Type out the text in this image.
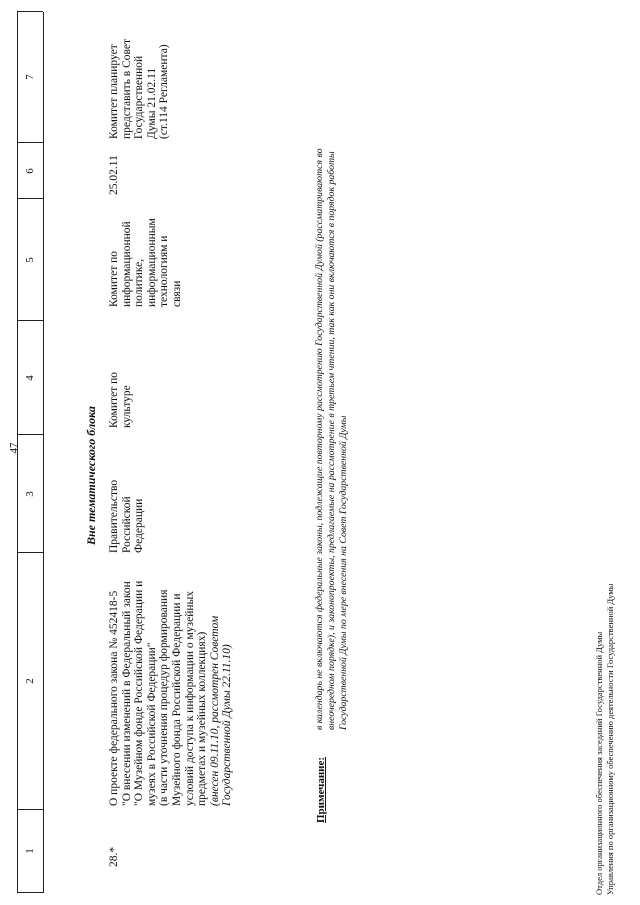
47
1
2
3
4
5
6
7
Вне тематического блока
28.*
О проекте федерального закона № 452418-5 "О внесении изменений в Федеральный закон "О Музейном фонде Российской Федерации и музеях в Российской Федерации" (в части уточнения процедур формирования Музейного фонда Российской Федерации и условий доступа к информации о музейных предметах и музейных коллекциях) (внесен 09.11.10, рассмотрен Советом Государственной Думы 22.11.10)
Правительство Российской Федерации
Комитет по культуре
Комитет по информационной политике, информационным технологиям и связи
25.02.11
Комитет планирует представить в Совет Государственной Думы 21.02.11 (ст.114 Регламента)
Примечание:
в календарь не включаются федеральные законы, подлежащие повторному рассмотрению Государственной Думой (рассматриваются во внеочередном порядке), и законопроекты, предлагаемые на рассмотрение в третьем чтении, так как они включаются в порядок работы Государственной Думы по мере внесения на Совет Государственной Думы
Отдел организационного обеспечения заседаний Государственной Думы Управления по организационному обеспечению деятельности Государственной Думы
